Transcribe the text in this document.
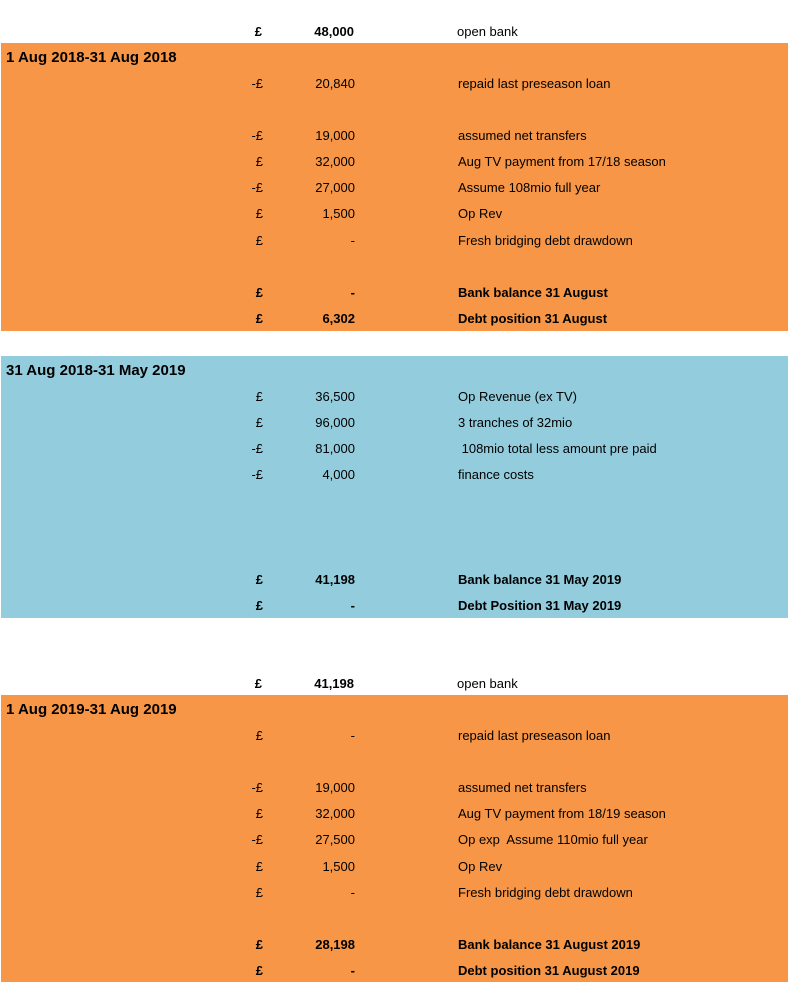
£	48,000	open bank
1 Aug 2018-31 Aug 2018
-£	20,840	repaid last preseason loan
-£	19,000	assumed net transfers
£	32,000	Aug TV payment from 17/18 season
-£	27,000	Assume 108mio full year
£	1,500	Op Rev
£	-	Fresh bridging debt drawdown
£	-	Bank balance 31 August
£	6,302	Debt position 31 August
31 Aug 2018-31 May 2019
£	36,500	Op Revenue (ex TV)
£	96,000	3 tranches of 32mio
-£	81,000	108mio total less amount pre paid
-£	4,000	finance costs
£	41,198	Bank balance 31 May 2019
£	-	Debt Position 31 May 2019
£	41,198	open bank
1 Aug 2019-31 Aug 2019
£	-	repaid last preseason loan
-£	19,000	assumed net transfers
£	32,000	Aug TV payment from 18/19 season
-£	27,500	Op exp  Assume 110mio full year
£	1,500	Op Rev
£	-	Fresh bridging debt drawdown
£	28,198	Bank balance 31 August 2019
£	-	Debt position 31 August 2019
